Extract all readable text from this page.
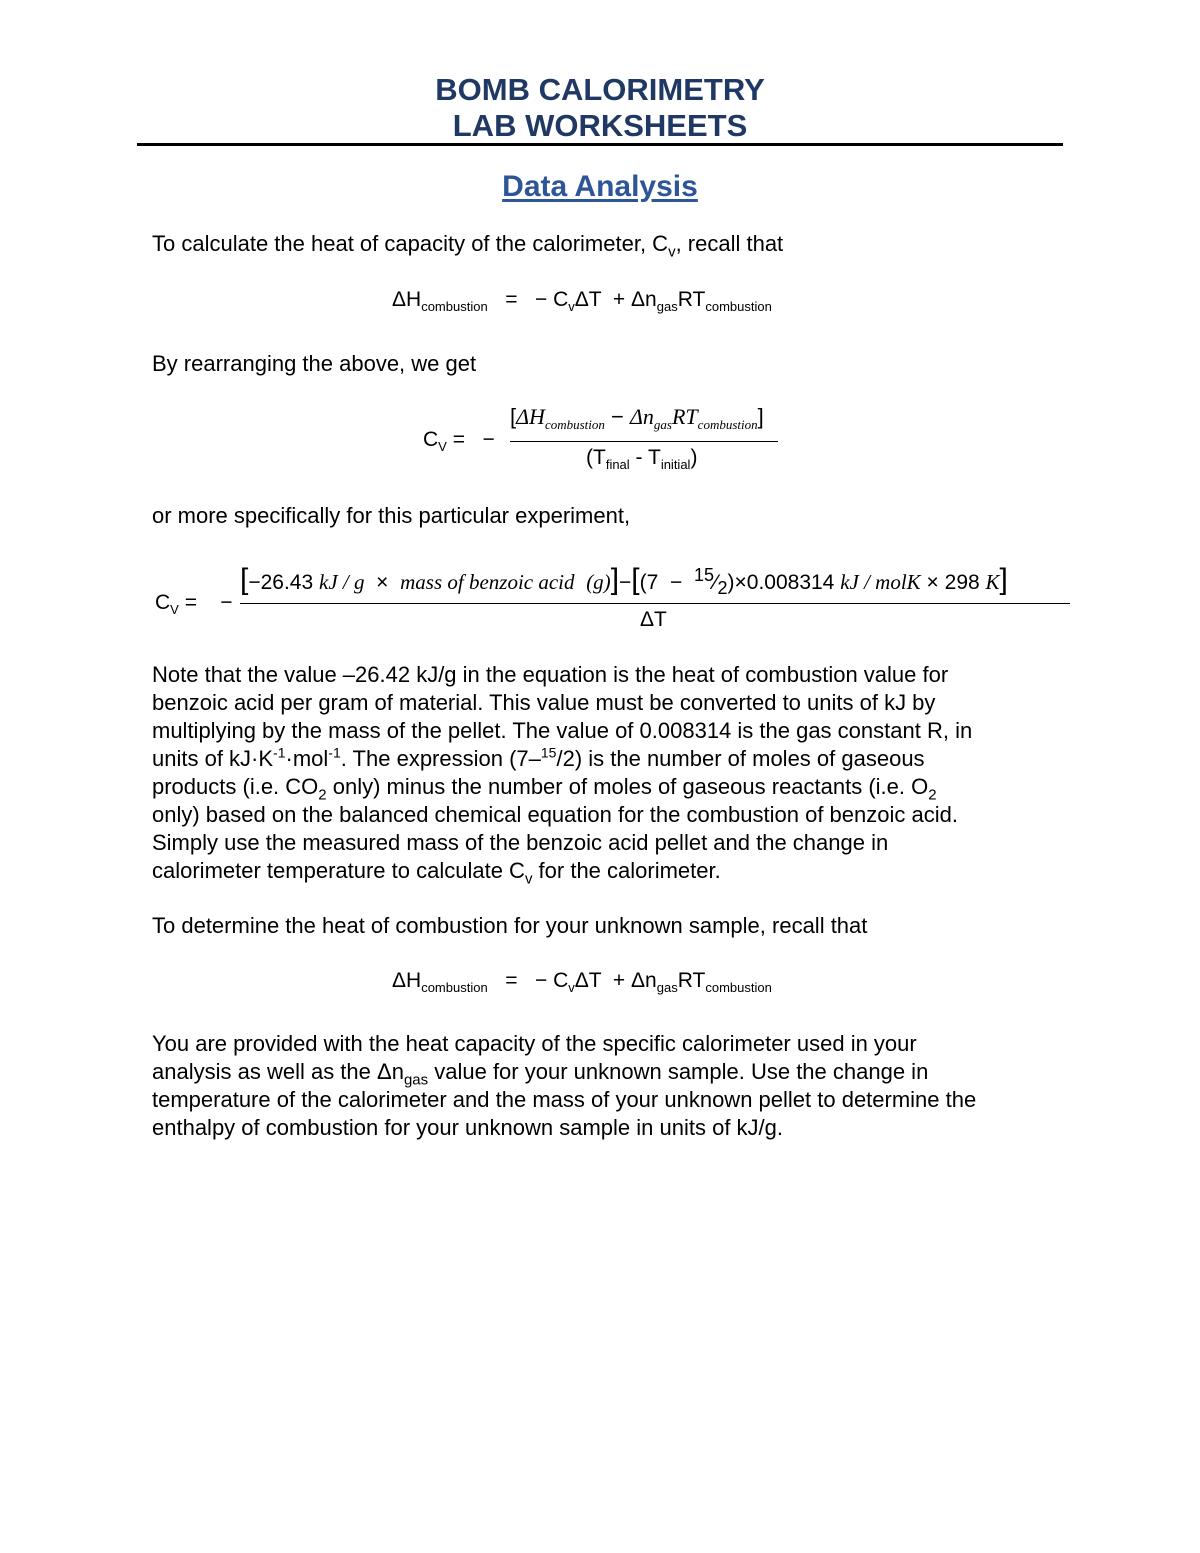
BOMB CALORIMETRY
LAB WORKSHEETS
Data Analysis
To calculate the heat of capacity of the calorimeter, $C_v$, recall that
$\Delta H_{combustion}$ = − $C_v\Delta T + \Delta n_{gas}RT_{combustion}$
By rearranging the above, we get
$C_V$ = −
$[\Delta H_{combustion} - \Delta n_{gas}RT_{combustion}]$
$(T_{final} - T_{initial})$
or more specifically for this particular experiment,
$C_V$ = −
[−26.43 kJ / g × mass of benzoic acid $(g)]-[(7 - ^{15}⁄_2)\times 0.008314$ kJ / molK × 298 K]
ΔT
Note that the value –26.42 kJ/g in the equation is the heat of combustion value for
benzoic acid per gram of material. This value must be converted to units of kJ by
multiplying by the mass of the pellet. The value of 0.008314 is the gas constant R, in
units of $kJ\cdot K^{-1}\cdot mol^{-1}$. The expression (7–$^{15}$/2) is the number of moles of gaseous
products (i.e. $CO_2$ only) minus the number of moles of gaseous reactants (i.e. $O_2$
only) based on the balanced chemical equation for the combustion of benzoic acid.
Simply use the measured mass of the benzoic acid pellet and the change in
calorimeter temperature to calculate $C_v$ for the calorimeter.
To determine the heat of combustion for your unknown sample, recall that
$\Delta H_{combustion}$ = − $C_v\Delta T + \Delta n_{gas}RT_{combustion}$
You are provided with the heat capacity of the specific calorimeter used in your
analysis as well as the $\Delta n_{gas}$ value for your unknown sample. Use the change in
temperature of the calorimeter and the mass of your unknown pellet to determine the
enthalpy of combustion for your unknown sample in units of kJ/g.
